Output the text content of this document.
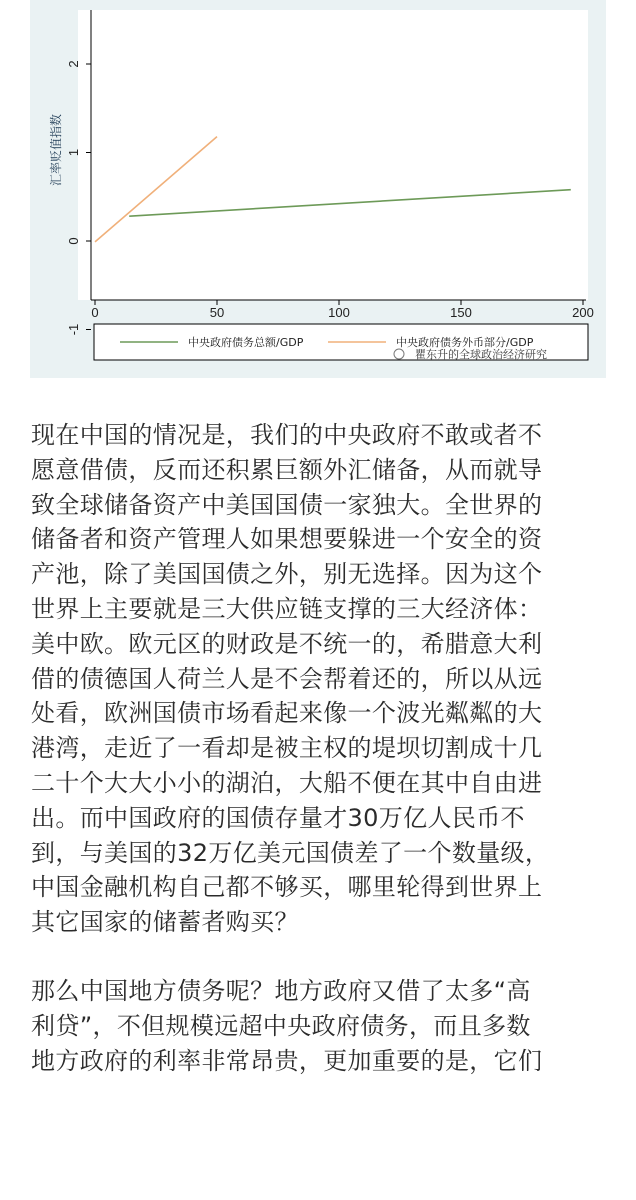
-1
0
1
2
0	50	100	150	200
汇率贬值指数
中央政府债务总额/GDP	中央政府债务外币部分/GDP
瞿东升的全球政治经济研究

现在中国的情况是，我们的中央政府不敢或者不
愿意借债，反而还积累巨额外汇储备，从而就导
致全球储备资产中美国国债一家独大。全世界的
储备者和资产管理人如果想要躲进一个安全的资
产池，除了美国国债之外，别无选择。因为这个
世界上主要就是三大供应链支撑的三大经济体：
美中欧。欧元区的财政是不统一的，希腊意大利
借的债德国人荷兰人是不会帮着还的，所以从远
处看，欧洲国债市场看起来像一个波光粼粼的大
港湾，走近了一看却是被主权的堤坝切割成十几
二十个大大小小的湖泊，大船不便在其中自由进
出。而中国政府的国债存量才30万亿人民币不
到，与美国的32万亿美元国债差了一个数量级，
中国金融机构自己都不够买，哪里轮得到世界上
其它国家的储蓄者购买？

那么中国地方债务呢？地方政府又借了太多“高
利贷”，不但规模远超中央政府债务，而且多数
地方政府的利率非常昂贵，更加重要的是，它们
